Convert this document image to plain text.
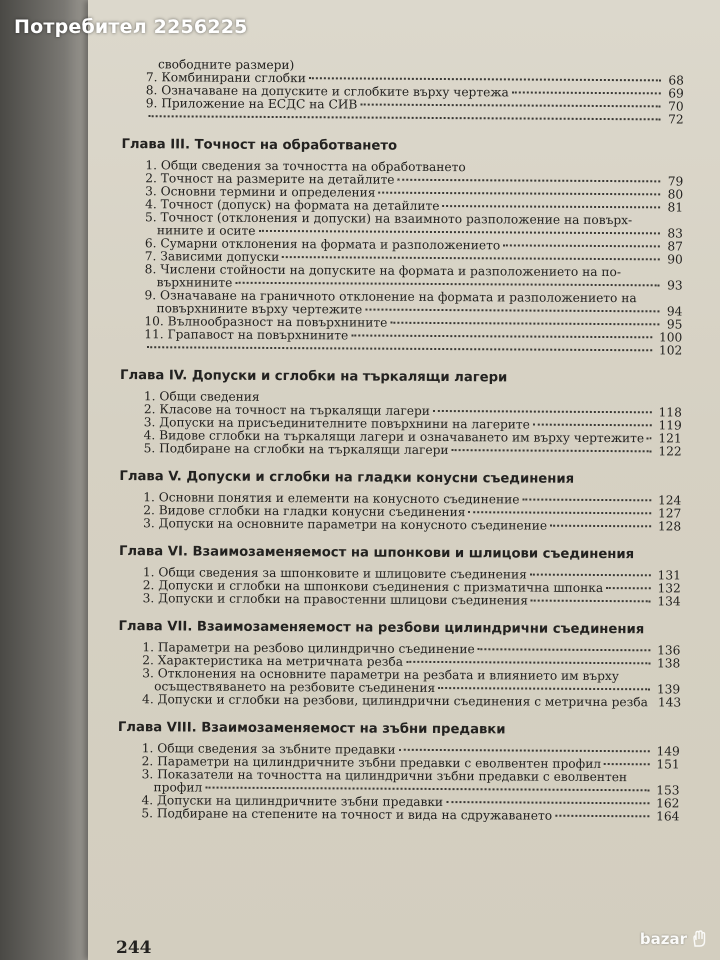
Потребител 2256225
свободните размери)
7. Комбинирани сглобки	68
8. Означаване на допуските и сглобките върху чертежа	69
9. Приложение на ЕСДС на СИВ	70
72
Глава III. Точност на обработването
1. Общи сведения за точността на обработването
2. Точност на размерите на детайлите	79
3. Основни термини и определения	80
4. Точност (допуск) на формата на детайлите	81
5. Точност (отклонения и допуски) на взаимното разположение на повърх-
нините и осите	83
6. Сумарни отклонения на формата и разположението	87
7. Зависими допуски	90
8. Числени стойности на допуските на формата и разположението на по-
върхнините	93
9. Означаване на граничното отклонение на формата и разположението на
повърхнините върху чертежите	94
10. Вълнообразност на повърхнините	95
11. Грапавост на повърхнините	100
102
Глава IV. Допуски и сглобки на търкалящи лагери
1. Общи сведения
2. Класове на точност на търкалящи лагери	118
3. Допуски на присъединителните повърхнини на лагерите	119
4. Видове сглобки на търкалящи лагери и означаването им върху чертежите 121
5. Подбиране на сглобки на търкалящи лагери	122
Глава V. Допуски и сглобки на гладки конусни съединения
1. Основни понятия и елементи на конусното съединение	124
2. Видове сглобки на гладки конусни съединения	127
3. Допуски на основните параметри на конусното съединение	128
Глава VI. Взаимозаменяемост на шпонкови и шлицови съединения
1. Общи сведения за шпонковите и шлицовите съединения	131
2. Допуски и сглобки на шпонкови съединения с призматична шпонка	132
3. Допуски и сглобки на правостенни шлицови съединения	134
Глава VII. Взаимозаменяемост на резбови цилиндрични съединения
1. Параметри на резбово цилиндрично съединение	136
2. Характеристика на метричната резба	138
3. Отклонения на основните параметри на резбата и влиянието им върху
осъществяването на резбовите съединения	139
4. Допуски и сглобки на резбови, цилиндрични съединения с метрична резба 143
Глава VIII. Взаимозаменяемост на зъбни предавки
1. Общи сведения за зъбните предавки	149
2. Параметри на цилиндричните зъбни предавки с еволвентен профил	151
3. Показатели на точността на цилиндрични зъбни предавки с еволвентен
профил	153
4. Допуски на цилиндричните зъбни предавки	162
5. Подбиране на степените на точност и вида на сдружаването	164
244	bazar
